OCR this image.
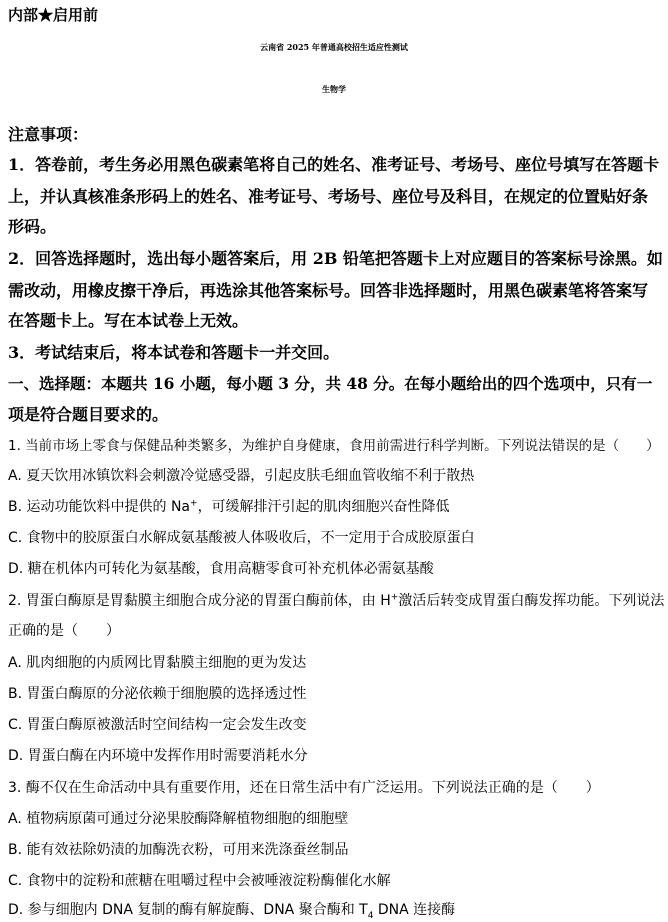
内部★启用前
云南省 2025 年普通高校招生适应性测试
生物学
注意事项：
1．答卷前，考生务必用黑色碳素笔将自己的姓名、准考证号、考场号、座位号填写在答题卡
上，并认真核准条形码上的姓名、准考证号、考场号、座位号及科目，在规定的位置贴好条
形码。
2．回答选择题时，选出每小题答案后，用 2B 铅笔把答题卡上对应题目的答案标号涂黑。如
需改动，用橡皮擦干净后，再选涂其他答案标号。回答非选择题时，用黑色碳素笔将答案写
在答题卡上。写在本试卷上无效。
3．考试结束后，将本试卷和答题卡一并交回。
一、选择题：本题共 16 小题，每小题 3 分，共 48 分。在每小题给出的四个选项中，只有一
项是符合题目要求的。
1. 当前市场上零食与保健品种类繁多，为维护自身健康，食用前需进行科学判断。下列说法错误的是（　　）
A. 夏天饮用冰镇饮料会刺激冷觉感受器，引起皮肤毛细血管收缩不利于散热
B. 运动功能饮料中提供的 Na+，可缓解排汗引起的肌肉细胞兴奋性降低
C. 食物中的胶原蛋白水解成氨基酸被人体吸收后，不一定用于合成胶原蛋白
D. 糖在机体内可转化为氨基酸，食用高糖零食可补充机体必需氨基酸
2. 胃蛋白酶原是胃黏膜主细胞合成分泌的胃蛋白酶前体，由 H+激活后转变成胃蛋白酶发挥功能。下列说法
正确的是（　　）
A. 肌肉细胞的内质网比胃黏膜主细胞的更为发达
B. 胃蛋白酶原的分泌依赖于细胞膜的选择透过性
C. 胃蛋白酶原被激活时空间结构一定会发生改变
D. 胃蛋白酶在内环境中发挥作用时需要消耗水分
3. 酶不仅在生命活动中具有重要作用，还在日常生活中有广泛运用。下列说法正确的是（　　）
A. 植物病原菌可通过分泌果胶酶降解植物细胞的细胞壁
B. 能有效祛除奶渍的加酶洗衣粉，可用来洗涤蚕丝制品
C. 食物中的淀粉和蔗糖在咀嚼过程中会被唾液淀粉酶催化水解
D. 参与细胞内 DNA 复制的酶有解旋酶、DNA 聚合酶和 $T_4$ DNA 连接酶
